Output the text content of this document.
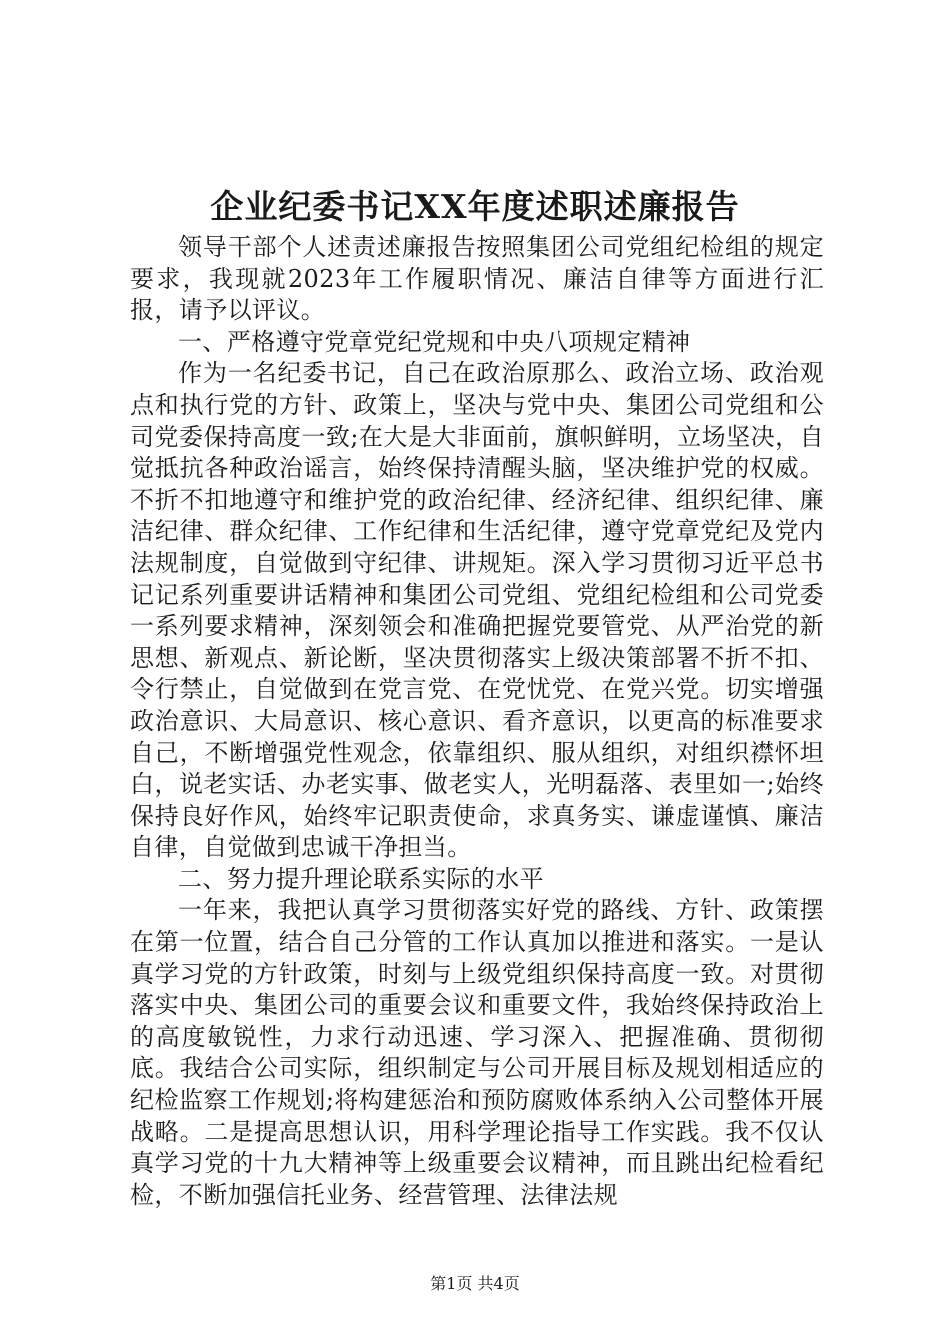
企业纪委书记XX年度述职述廉报告

领导干部个人述责述廉报告按照集团公司党组纪检组的规定要求，我现就2023年工作履职情况、廉洁自律等方面进行汇报，请予以评议。

一、严格遵守党章党纪党规和中央八项规定精神

作为一名纪委书记，自己在政治原那么、政治立场、政治观点和执行党的方针、政策上，坚决与党中央、集团公司党组和公司党委保持高度一致;在大是大非面前，旗帜鲜明，立场坚决，自觉抵抗各种政治谣言，始终保持清醒头脑，坚决维护党的权威。不折不扣地遵守和维护党的政治纪律、经济纪律、组织纪律、廉洁纪律、群众纪律、工作纪律和生活纪律，遵守党章党纪及党内法规制度，自觉做到守纪律、讲规矩。深入学习贯彻习近平总书记记系列重要讲话精神和集团公司党组、党组纪检组和公司党委一系列要求精神，深刻领会和准确把握党要管党、从严治党的新思想、新观点、新论断，坚决贯彻落实上级决策部署不折不扣、令行禁止，自觉做到在党言党、在党忧党、在党兴党。切实增强政治意识、大局意识、核心意识、看齐意识，以更高的标准要求自己，不断增强党性观念，依靠组织、服从组织，对组织襟怀坦白，说老实话、办老实事、做老实人，光明磊落、表里如一;始终保持良好作风，始终牢记职责使命，求真务实、谦虚谨慎、廉洁自律，自觉做到忠诚干净担当。

二、努力提升理论联系实际的水平

一年来，我把认真学习贯彻落实好党的路线、方针、政策摆在第一位置，结合自己分管的工作认真加以推进和落实。一是认真学习党的方针政策，时刻与上级党组织保持高度一致。对贯彻落实中央、集团公司的重要会议和重要文件，我始终保持政治上的高度敏锐性，力求行动迅速、学习深入、把握准确、贯彻彻底。我结合公司实际，组织制定与公司开展目标及规划相适应的纪检监察工作规划;将构建惩治和预防腐败体系纳入公司整体开展战略。二是提高思想认识，用科学理论指导工作实践。我不仅认真学习党的十九大精神等上级重要会议精神，而且跳出纪检看纪检，不断加强信托业务、经营管理、法律法规

第1页 共4页
